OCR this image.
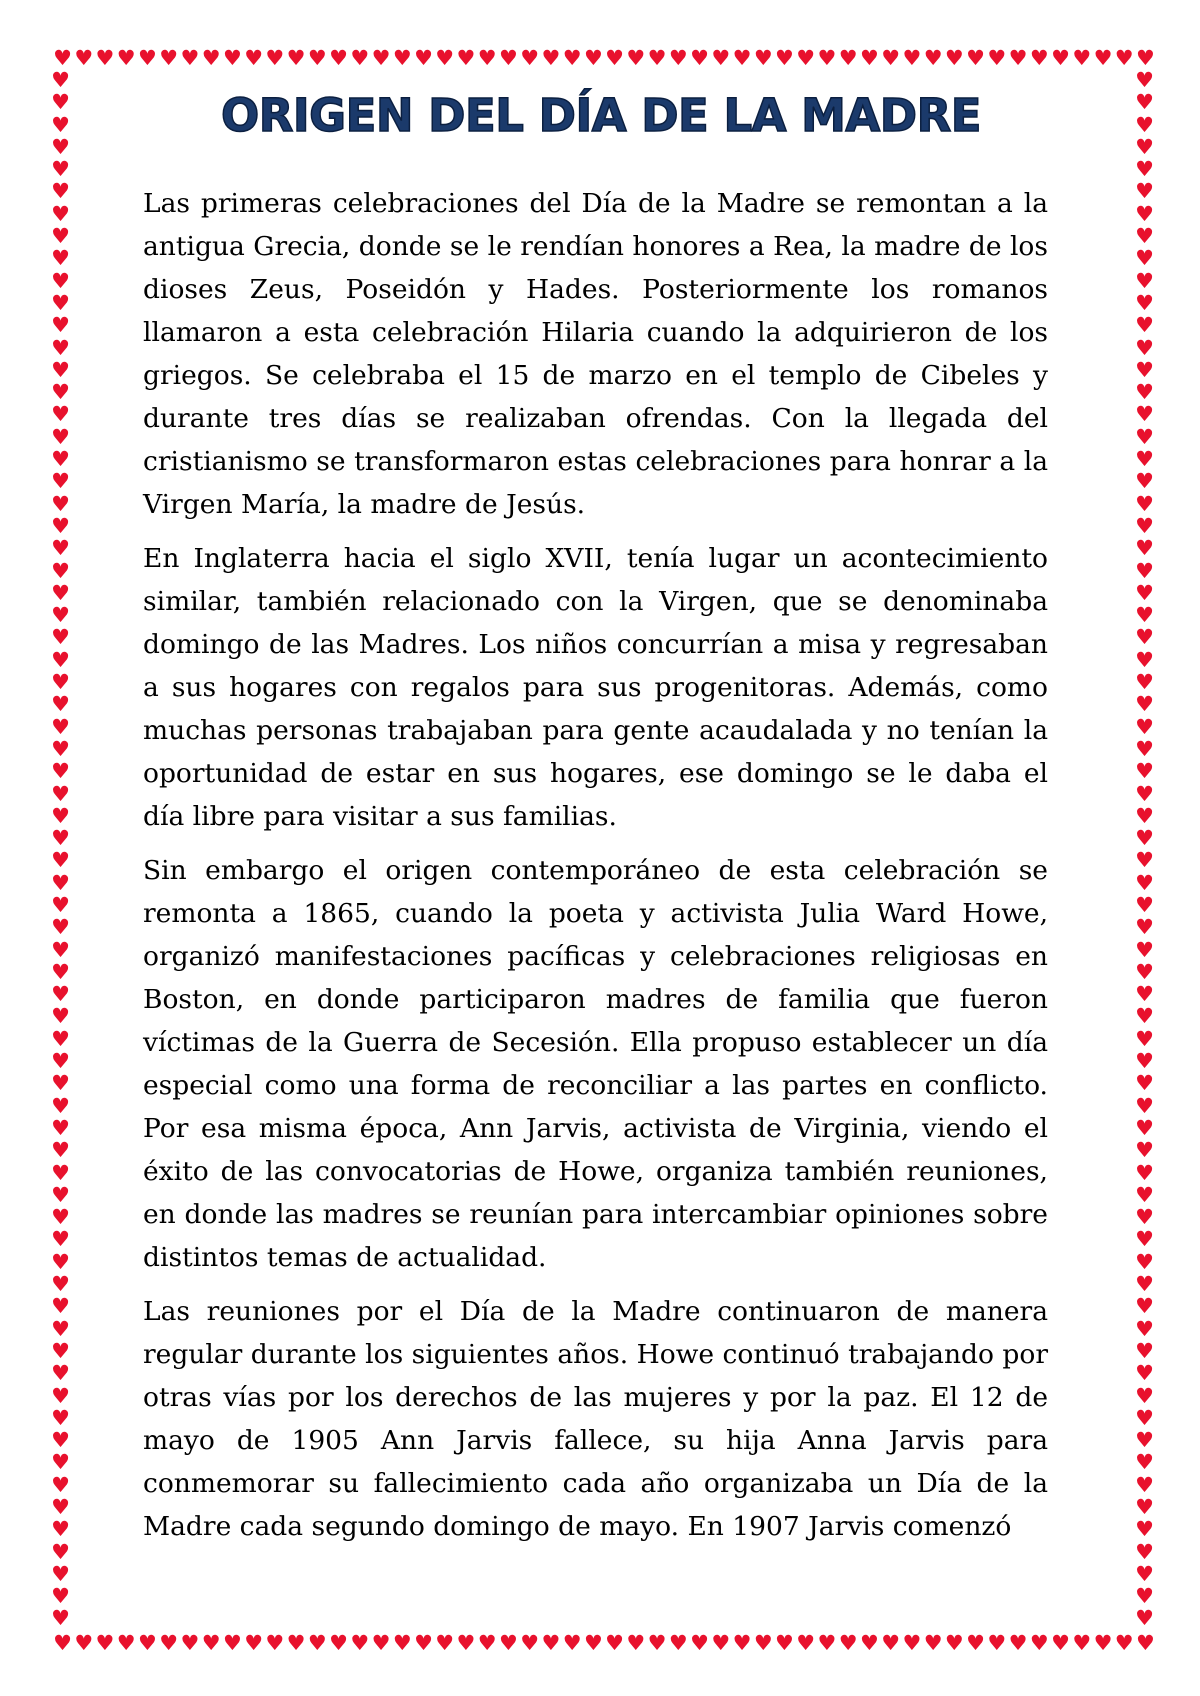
♥ ♥ ♥ ♥ ♥ ♥ ♥ ♥ ♥ ♥ ♥ ♥ ♥ ♥ ♥ ♥ ♥ ♥ ♥ ♥ ♥ ♥ ♥ ♥ ♥ ♥ ♥ ♥ ♥ ♥ ♥ ♥ ♥ ♥ ♥ ♥ ♥ ♥ ♥ ♥ ♥ ♥ ♥ ♥ ♥ ♥ ♥ ♥ ♥ ♥ ♥ ♥
♥ ♥ ♥ ♥ ♥ ♥ ♥ ♥ ♥ ♥ ♥ ♥ ♥ ♥ ♥ ♥ ♥ ♥ ♥ ♥ ♥ ♥ ♥ ♥ ♥ ♥ ♥ ♥ ♥ ♥ ♥ ♥ ♥ ♥ ♥ ♥ ♥ ♥ ♥ ♥ ♥ ♥ ♥ ♥ ♥ ♥ ♥ ♥ ♥ ♥ ♥ ♥
♥
♥
♥
♥
♥
♥
♥
♥
♥
♥
♥
♥
♥
♥
♥
♥
♥
♥
♥
♥
♥
♥
♥
♥
♥
♥
♥
♥
♥
♥
♥
♥
♥
♥
♥
♥
♥
♥
♥
♥
♥
♥
♥
♥
♥
♥
♥
♥
♥
♥
♥
♥
♥
♥
♥
♥
♥
♥
♥
♥
♥
♥
♥
♥
♥
♥
♥
♥
♥
♥
♥
♥
♥
♥
♥
♥
♥
♥
♥
♥
♥
♥
♥
♥
♥
♥
♥
♥
♥
♥
♥
♥
♥
♥
♥
♥
♥
♥
♥
♥
♥
♥
♥
♥
♥
♥
♥
♥
♥
♥
♥
♥
♥
♥
♥
♥
♥
♥
♥
♥
♥
♥
♥
♥
♥
♥
♥
♥
♥
♥
♥
♥
♥
♥
♥
♥
♥
♥
♥
♥
ORIGEN DEL DÍA DE LA MADRE

Las primeras celebraciones del Día de la Madre se remontan a la antigua Grecia, donde se le rendían honores a Rea, la madre de los dioses Zeus, Poseidón y Hades. Posteriormente los romanos llamaron a esta celebración Hilaria cuando la adquirieron de los griegos. Se celebraba el 15 de marzo en el templo de Cibeles y durante tres días se realizaban ofrendas. Con la llegada del cristianismo se transformaron estas celebraciones para honrar a la Virgen María, la madre de Jesús.

En Inglaterra hacia el siglo XVII, tenía lugar un acontecimiento similar, también relacionado con la Virgen, que se denominaba domingo de las Madres. Los niños concurrían a misa y regresaban a sus hogares con regalos para sus progenitoras. Además, como muchas personas trabajaban para gente acaudalada y no tenían la oportunidad de estar en sus hogares, ese domingo se le daba el día libre para visitar a sus familias.

Sin embargo el origen contemporáneo de esta celebración se remonta a 1865, cuando la poeta y activista Julia Ward Howe, organizó manifestaciones pacíficas y celebraciones religiosas en Boston, en donde participaron madres de familia que fueron víctimas de la Guerra de Secesión. Ella propuso establecer un día especial como una forma de reconciliar a las partes en conflicto. Por esa misma época, Ann Jarvis, activista de Virginia, viendo el éxito de las convocatorias de Howe, organiza también reuniones, en donde las madres se reunían para intercambiar opiniones sobre distintos temas de actualidad.

Las reuniones por el Día de la Madre continuaron de manera regular durante los siguientes años. Howe continuó trabajando por otras vías por los derechos de las mujeres y por la paz. El 12 de mayo de 1905 Ann Jarvis fallece, su hija Anna Jarvis para conmemorar su fallecimiento cada año organizaba un Día de la Madre cada segundo domingo de mayo. En 1907 Jarvis comenzó
